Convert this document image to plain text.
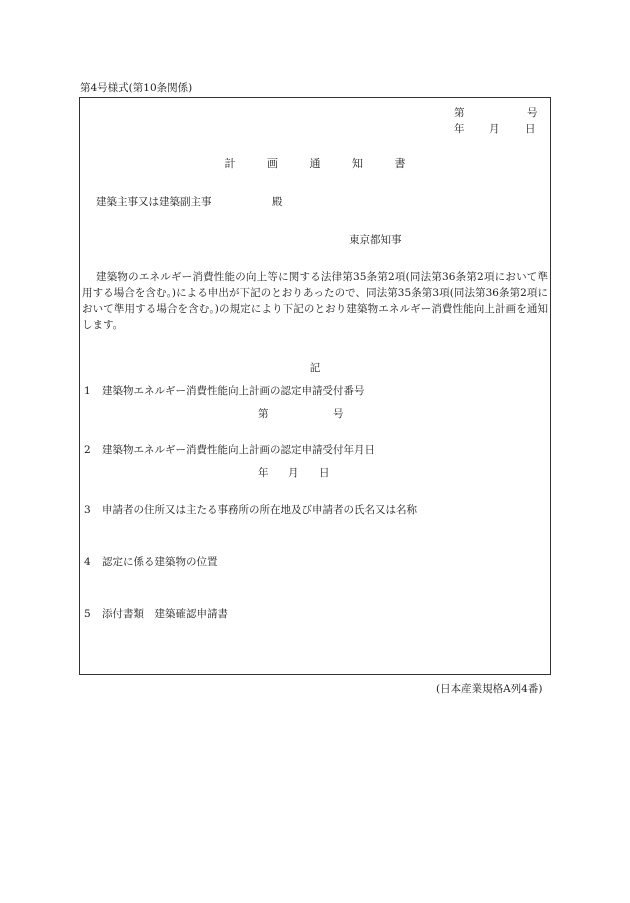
第4号様式(第10条関係)
第	号
年 月 日
計	画	通	知	書
建築主事又は建築副主事	殿
東京都知事
建築物のエネルギー消費性能の向上等に関する法律第35条第2項(同法第36条第2項において準用する場合を含む。)による申出が下記のとおりあったので、同法第35条第3項(同法第36条第2項において準用する場合を含む。)の規定により下記のとおり建築物エネルギー消費性能向上計画を通知します。
記
1 建築物エネルギー消費性能向上計画の認定申請受付番号
第	号
2 建築物エネルギー消費性能向上計画の認定申請受付年月日
年 月 日
3 申請者の住所又は主たる事務所の所在地及び申請者の氏名又は名称
4 認定に係る建築物の位置
5 添付書類　建築確認申請書
(日本産業規格A列4番)
